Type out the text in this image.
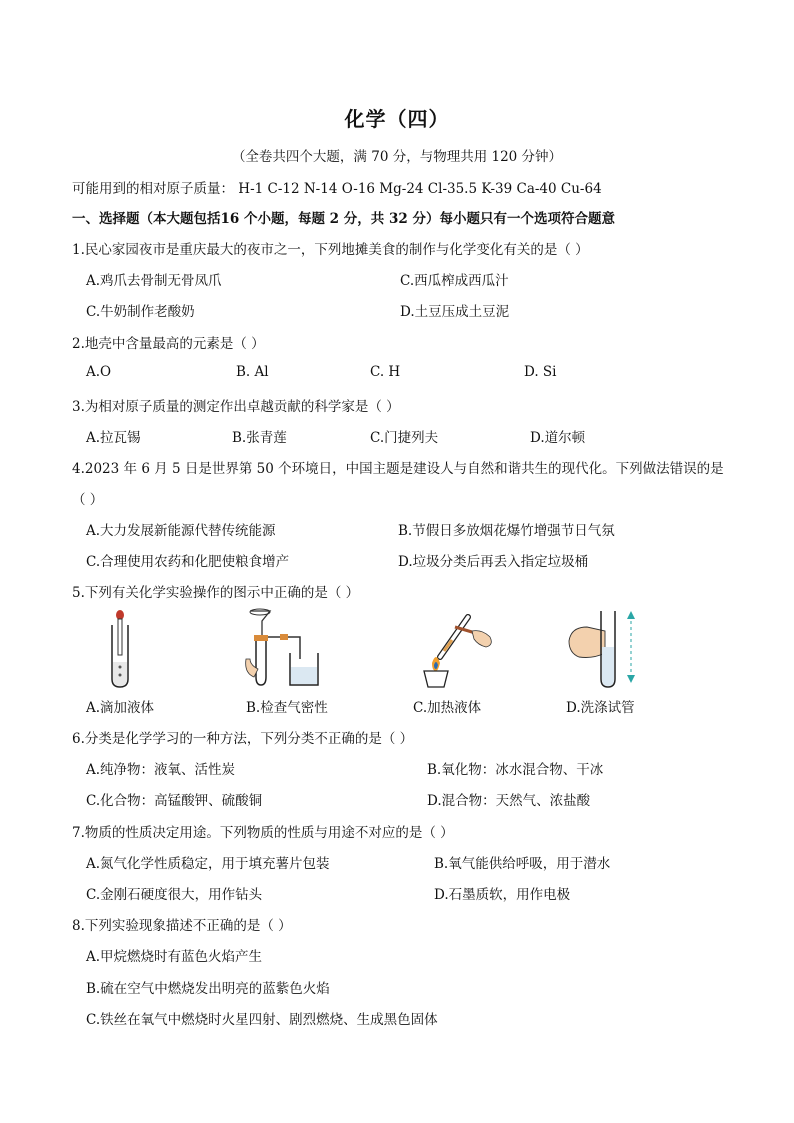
化学（四）
（全卷共四个大题，满 70 分，与物理共用 120 分钟）
可能用到的相对原子质量： H-1 C-12 N-14 O-16 Mg-24 Cl-35.5 K-39 Ca-40 Cu-64
一、选择题（本大题包括16 个小题，每题 2 分，共 32 分）每小题只有一个选项符合题意
1.民心家园夜市是重庆最大的夜市之一，下列地摊美食的制作与化学变化有关的是（ ）
A.鸡爪去骨制无骨凤爪	C.西瓜榨成西瓜汁
C.牛奶制作老酸奶	D.土豆压成土豆泥
2.地壳中含量最高的元素是（ ）
A.O	B. Al	C. H	D. Si
3.为相对原子质量的测定作出卓越贡献的科学家是（ ）
A.拉瓦锡	B.张青莲	C.门捷列夫	D.道尔顿
4.2023 年 6 月 5 日是世界第 50 个环境日，中国主题是建设人与自然和谐共生的现代化。下列做法错误的是
（ ）
A.大力发展新能源代替传统能源	B.节假日多放烟花爆竹增强节日气氛
C.合理使用农药和化肥使粮食增产	D.垃圾分类后再丢入指定垃圾桶
5.下列有关化学实验操作的图示中正确的是（ ）
A.滴加液体	B.检查气密性	C.加热液体	D.洗涤试管
6.分类是化学学习的一种方法，下列分类不正确的是（ ）
A.纯净物：液氧、活性炭	B.氧化物：冰水混合物、干冰
C.化合物：高锰酸钾、硫酸铜	D.混合物：天然气、浓盐酸
7.物质的性质决定用途。下列物质的性质与用途不对应的是（ ）
A.氮气化学性质稳定，用于填充薯片包装	B.氧气能供给呼吸，用于潜水
C.金刚石硬度很大，用作钻头	D.石墨质软，用作电极
8.下列实验现象描述不正确的是（ ）
A.甲烷燃烧时有蓝色火焰产生
B.硫在空气中燃烧发出明亮的蓝紫色火焰
C.铁丝在氧气中燃烧时火星四射、剧烈燃烧、生成黑色固体
